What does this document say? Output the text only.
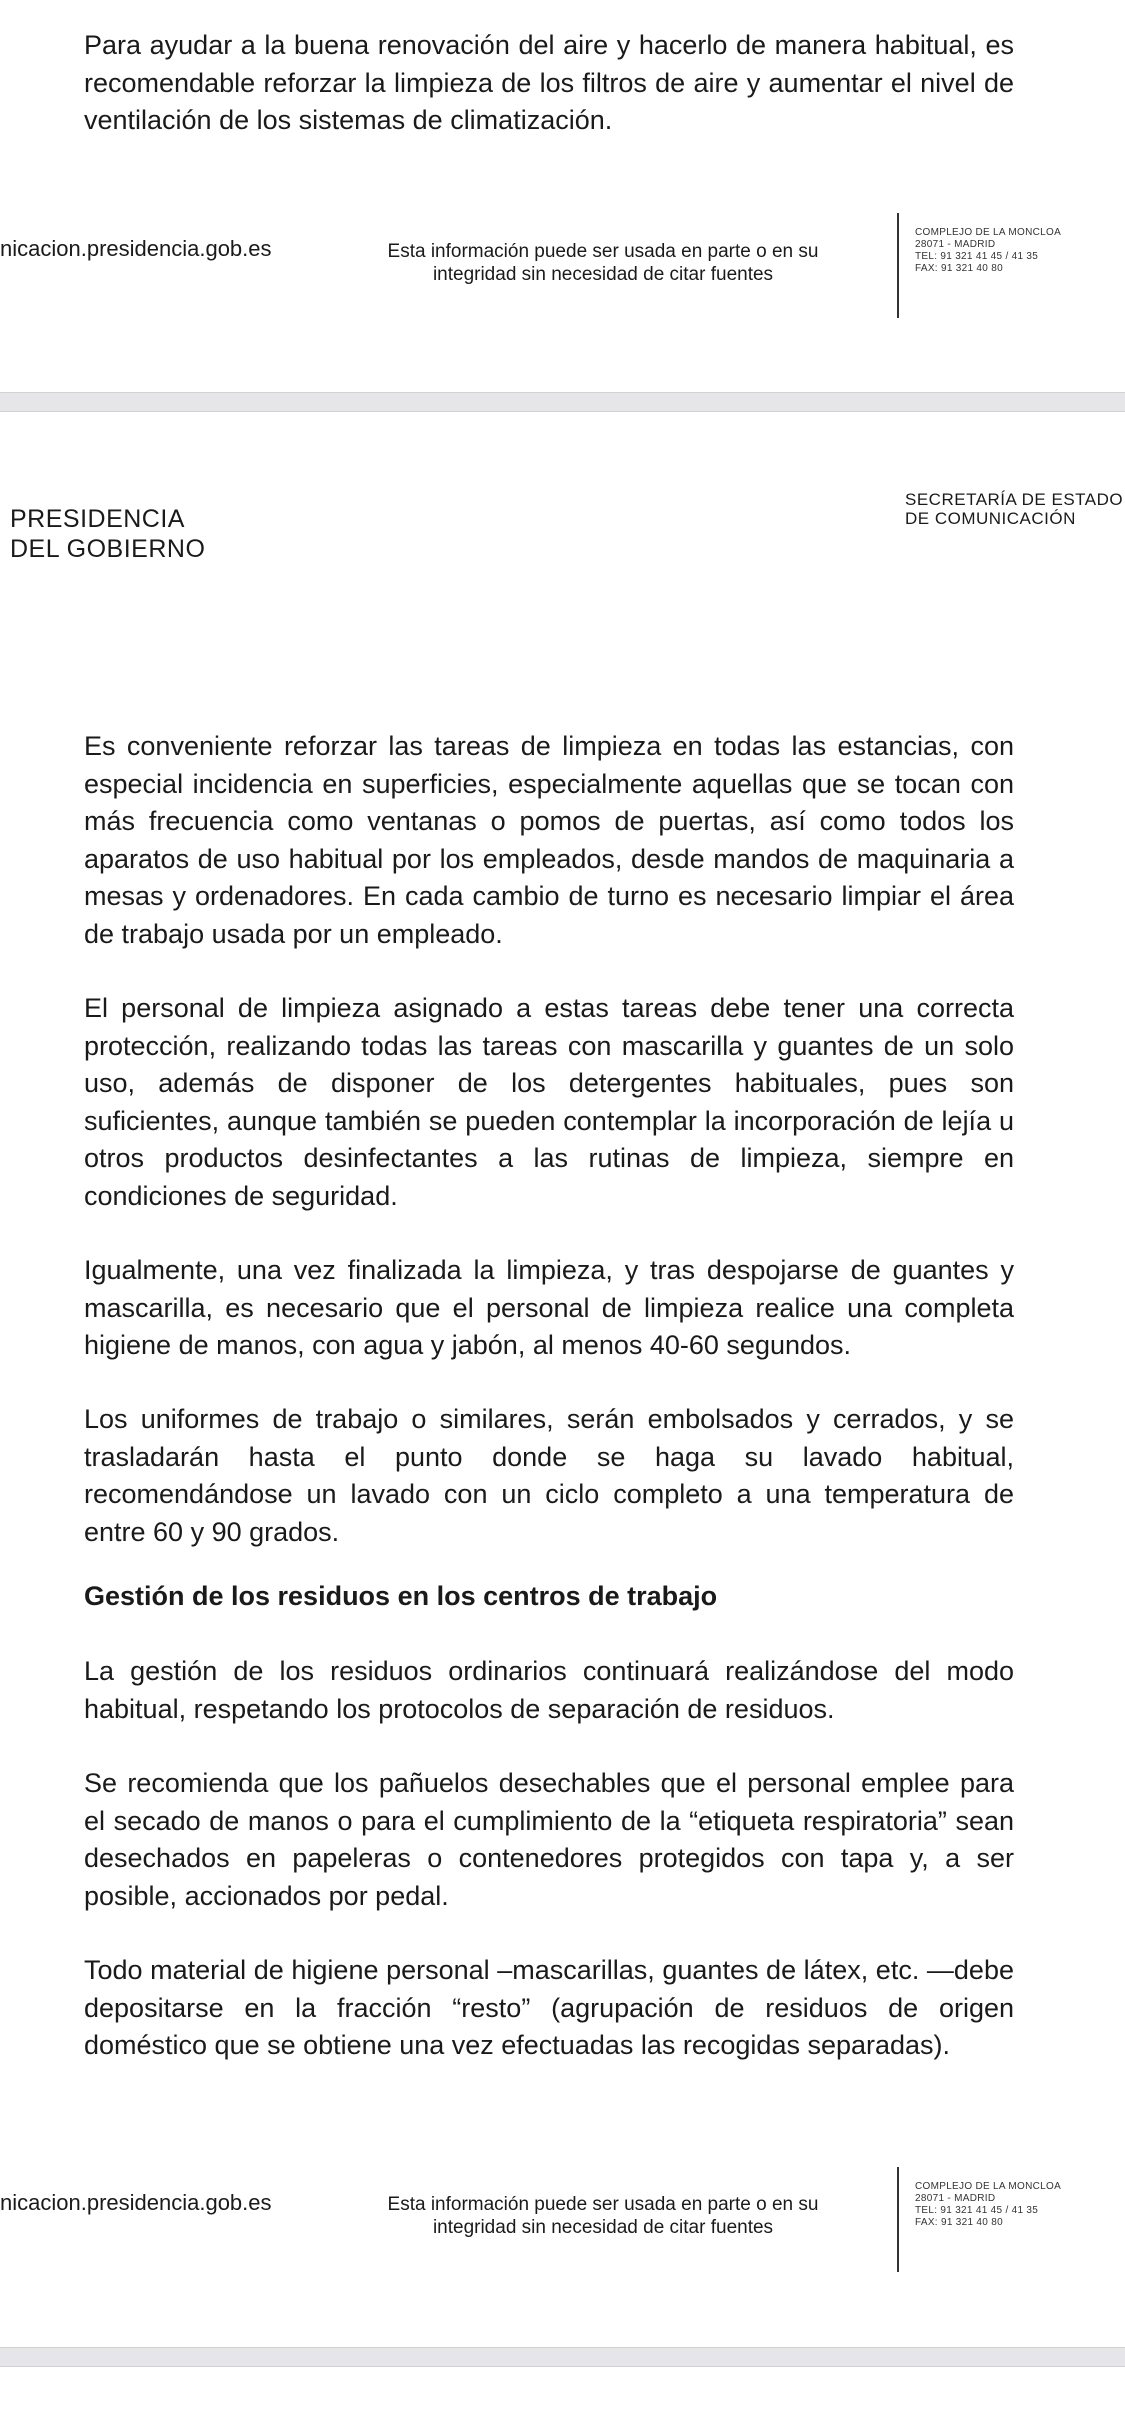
Para ayudar a la buena renovación del aire y hacerlo de manera habitual, es recomendable reforzar la limpieza de los filtros de aire y aumentar el nivel de ventilación de los sistemas de climatización.

nicacion.presidencia.gob.es	Esta información puede ser usada en parte o en su integridad sin necesidad de citar fuentes
COMPLEJO DE LA MONCLOA
28071 - MADRID
TEL: 91 321 41 45 / 41 35
FAX: 91 321 40 80
PRESIDENCIA
DEL GOBIERNO
SECRETARÍA DE ESTADO
DE COMUNICACIÓN

Es conveniente reforzar las tareas de limpieza en todas las estancias, con especial incidencia en superficies, especialmente aquellas que se tocan con más frecuencia como ventanas o pomos de puertas, así como todos los aparatos de uso habitual por los empleados, desde mandos de maquinaria a mesas y ordenadores. En cada cambio de turno es necesario limpiar el área de trabajo usada por un empleado.

El personal de limpieza asignado a estas tareas debe tener una correcta protección, realizando todas las tareas con mascarilla y guantes de un solo uso, además de disponer de los detergentes habituales, pues son suficientes, aunque también se pueden contemplar la incorporación de lejía u otros productos desinfectantes a las rutinas de limpieza, siempre en condiciones de seguridad.

Igualmente, una vez finalizada la limpieza, y tras despojarse de guantes y mascarilla, es necesario que el personal de limpieza realice una completa higiene de manos, con agua y jabón, al menos 40-60 segundos.

Los uniformes de trabajo o similares, serán embolsados y cerrados, y se trasladarán hasta el punto donde se haga su lavado habitual, recomendándose un lavado con un ciclo completo a una temperatura de entre 60 y 90 grados.

Gestión de los residuos en los centros de trabajo

La gestión de los residuos ordinarios continuará realizándose del modo habitual, respetando los protocolos de separación de residuos.

Se recomienda que los pañuelos desechables que el personal emplee para el secado de manos o para el cumplimiento de la “etiqueta respiratoria” sean desechados en papeleras o contenedores protegidos con tapa y, a ser posible, accionados por pedal.

Todo material de higiene personal –mascarillas, guantes de látex, etc. —debe depositarse en la fracción “resto” (agrupación de residuos de origen doméstico que se obtiene una vez efectuadas las recogidas separadas).

nicacion.presidencia.gob.es	Esta información puede ser usada en parte o en su integridad sin necesidad de citar fuentes
COMPLEJO DE LA MONCLOA
28071 - MADRID
TEL: 91 321 41 45 / 41 35
FAX: 91 321 40 80
